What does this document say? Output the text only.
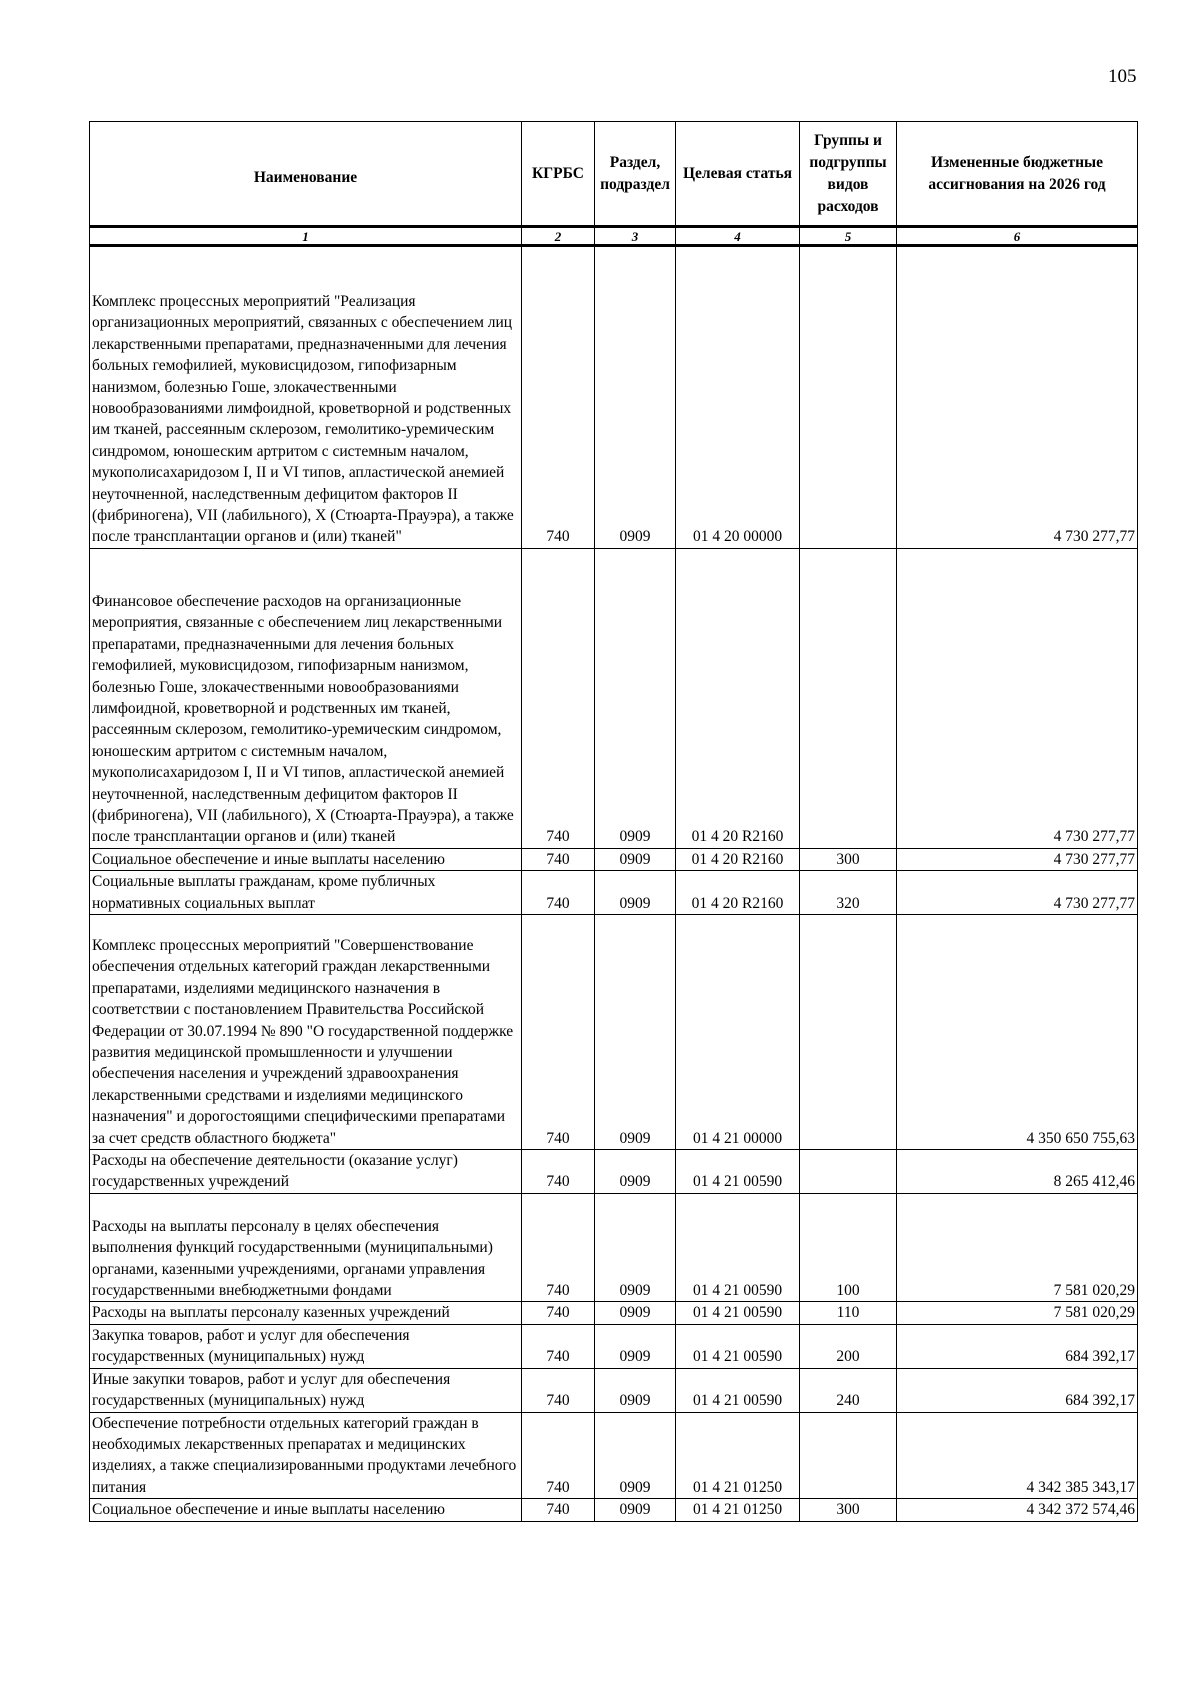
105
Наименование	КГРБС	Раздел, подраздел	Целевая статья	Группы и подгруппы видов расходов	Измененные бюджетные ассигнования на 2026 год
1	2	3	4	5	6
Комплекс процессных мероприятий "Реализация организационных мероприятий, связанных с обеспечением лиц лекарственными препаратами, предназначенными для лечения больных гемофилией, муковисцидозом, гипофизарным нанизмом, болезнью Гоше, злокачественными новообразованиями лимфоидной, кроветворной и родственных им тканей, рассеянным склерозом, гемолитико-уремическим синдромом, юношеским артритом с системным началом, мукополисахаридозом I, II и VI типов, апластической анемией неуточненной, наследственным дефицитом факторов II (фибриногена), VII (лабильного), X (Стюарта-Прауэра), а также после трансплантации органов и (или) тканей"	740	0909	01 4 20 00000		4 730 277,77
Финансовое обеспечение расходов на организационные мероприятия, связанные с обеспечением лиц лекарственными препаратами, предназначенными для лечения больных гемофилией, муковисцидозом, гипофизарным нанизмом, болезнью Гоше, злокачественными новообразованиями лимфоидной, кроветворной и родственных им тканей, рассеянным склерозом, гемолитико-уремическим синдромом, юношеским артритом с системным началом, мукополисахаридозом I, II и VI типов, апластической анемией неуточненной, наследственным дефицитом факторов II (фибриногена), VII (лабильного), X (Стюарта-Прауэра), а также после трансплантации органов и (или) тканей	740	0909	01 4 20 R2160		4 730 277,77
Социальное обеспечение и иные выплаты населению	740	0909	01 4 20 R2160	300	4 730 277,77
Социальные выплаты гражданам, кроме публичных нормативных социальных выплат	740	0909	01 4 20 R2160	320	4 730 277,77
Комплекс процессных мероприятий "Совершенствование обеспечения отдельных категорий граждан лекарственными препаратами, изделиями медицинского назначения в соответствии с постановлением Правительства Российской Федерации от 30.07.1994 № 890 "О государственной поддержке развития медицинской промышленности и улучшении обеспечения населения и учреждений здравоохранения лекарственными средствами и изделиями медицинского назначения" и дорогостоящими специфическими препаратами за счет средств областного бюджета"	740	0909	01 4 21 00000		4 350 650 755,63
Расходы на обеспечение деятельности (оказание услуг) государственных учреждений	740	0909	01 4 21 00590		8 265 412,46
Расходы на выплаты персоналу в целях обеспечения выполнения функций государственными (муниципальными) органами, казенными учреждениями, органами управления государственными внебюджетными фондами	740	0909	01 4 21 00590	100	7 581 020,29
Расходы на выплаты персоналу казенных учреждений	740	0909	01 4 21 00590	110	7 581 020,29
Закупка товаров, работ и услуг для обеспечения государственных (муниципальных) нужд	740	0909	01 4 21 00590	200	684 392,17
Иные закупки товаров, работ и услуг для обеспечения государственных (муниципальных) нужд	740	0909	01 4 21 00590	240	684 392,17
Обеспечение потребности отдельных категорий граждан в необходимых лекарственных препаратах и медицинских изделиях, а также специализированными продуктами лечебного питания	740	0909	01 4 21 01250		4 342 385 343,17
Социальное обеспечение и иные выплаты населению	740	0909	01 4 21 01250	300	4 342 372 574,46
